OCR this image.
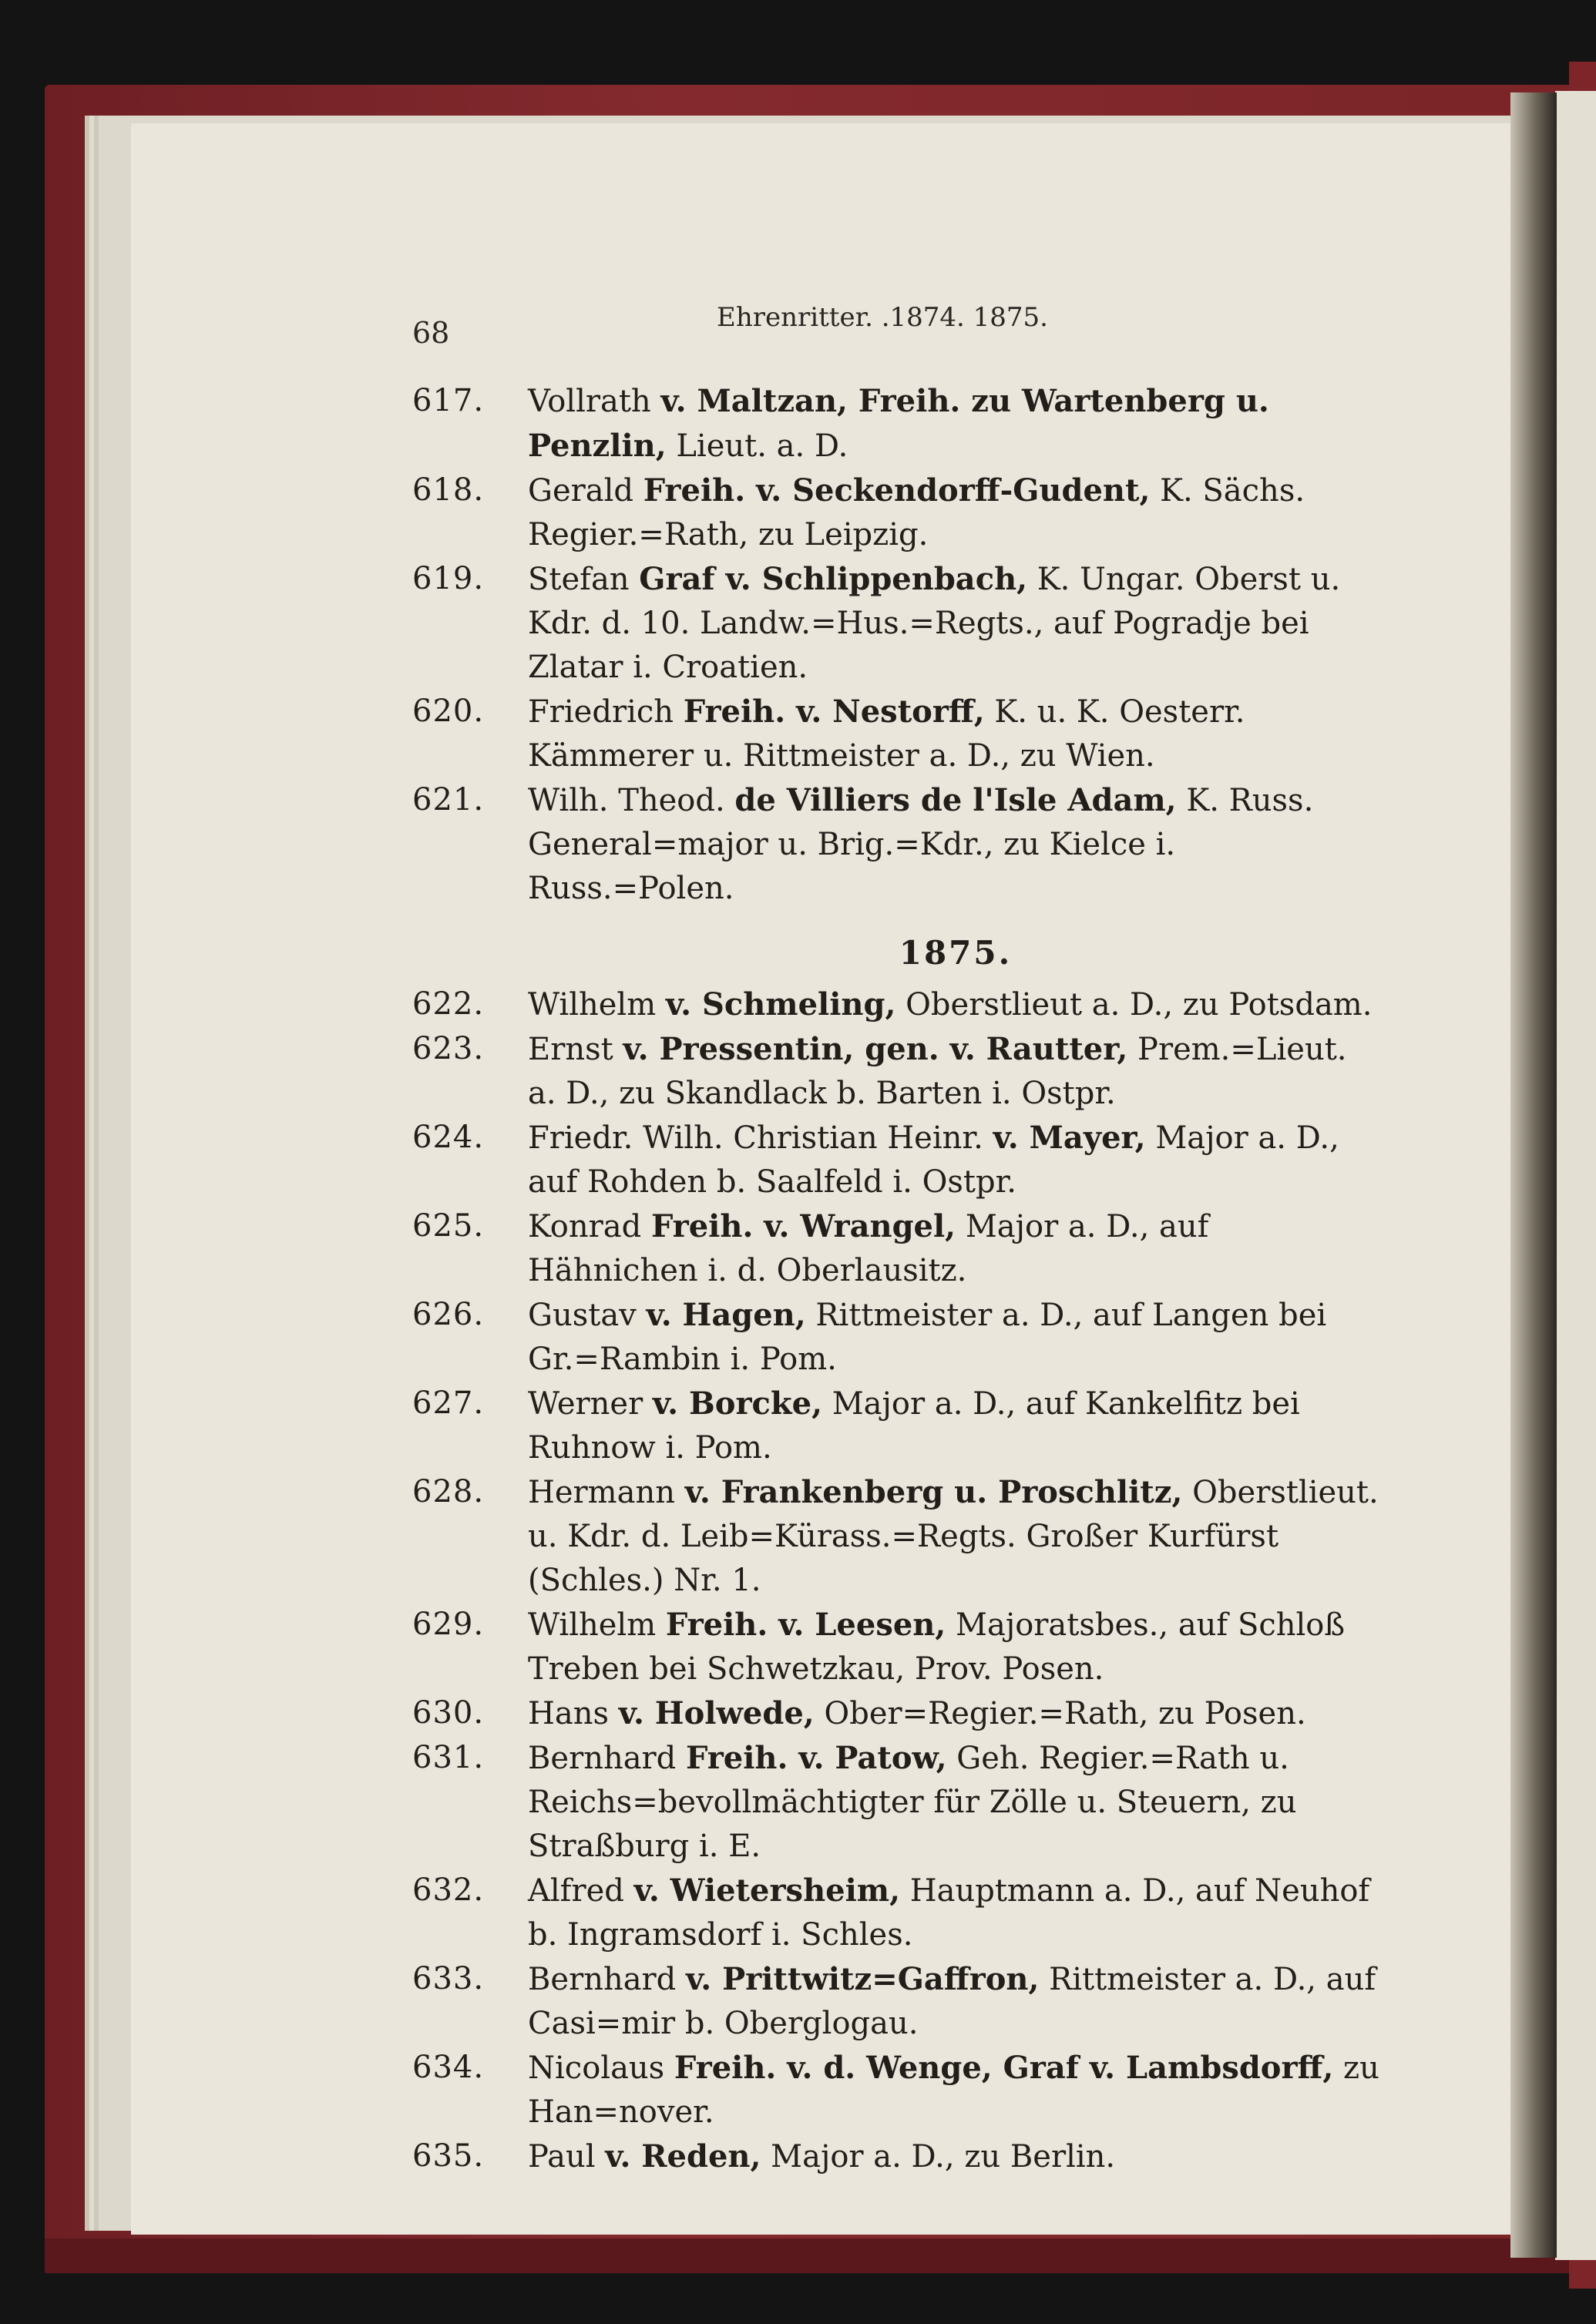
68	Ehrenritter. .1874. 1875.
617.	Vollrath v. Maltzan, Freih. zu Wartenberg u. Penzlin, Lieut. a. D.
618.	Gerald Freih. v. Seckendorff-Gudent, K. Sächs. Regier.=Rath, zu Leipzig.
619.	Stefan Graf v. Schlippenbach, K. Ungar. Oberst u. Kdr. d. 10. Landw.=Hus.=Regts., auf Pogradje bei Zlatar i. Croatien.
620.	Friedrich Freih. v. Nestorff, K. u. K. Oesterr. Kämmerer u. Rittmeister a. D., zu Wien.
621.	Wilh. Theod. de Villiers de l'Isle Adam, K. Russ. General=major u. Brig.=Kdr., zu Kielce i. Russ.=Polen.
1875.
622.	Wilhelm v. Schmeling, Oberstlieut a. D., zu Potsdam.
623.	Ernst v. Pressentin, gen. v. Rautter, Prem.=Lieut. a. D., zu Skandlack b. Barten i. Ostpr.
624.	Friedr. Wilh. Christian Heinr. v. Mayer, Major a. D., auf Rohden b. Saalfeld i. Ostpr.
625.	Konrad Freih. v. Wrangel, Major a. D., auf Hähnichen i. d. Oberlausitz.
626.	Gustav v. Hagen, Rittmeister a. D., auf Langen bei Gr.=Rambin i. Pom.
627.	Werner v. Borcke, Major a. D., auf Kankelfitz bei Ruhnow i. Pom.
628.	Hermann v. Frankenberg u. Proschlitz, Oberstlieut. u. Kdr. d. Leib=Kürass.=Regts. Großer Kurfürst (Schles.) Nr. 1.
629.	Wilhelm Freih. v. Leesen, Majoratsbes., auf Schloß Treben bei Schwetzkau, Prov. Posen.
630.	Hans v. Holwede, Ober=Regier.=Rath, zu Posen.
631.	Bernhard Freih. v. Patow, Geh. Regier.=Rath u. Reichs=bevollmächtigter für Zölle u. Steuern, zu Straßburg i. E.
632.	Alfred v. Wietersheim, Hauptmann a. D., auf Neuhof b. Ingramsdorf i. Schles.
633.	Bernhard v. Prittwitz=Gaffron, Rittmeister a. D., auf Casi=mir b. Oberglogau.
634.	Nicolaus Freih. v. d. Wenge, Graf v. Lambsdorff, zu Han=nover.
635.	Paul v. Reden, Major a. D., zu Berlin.
